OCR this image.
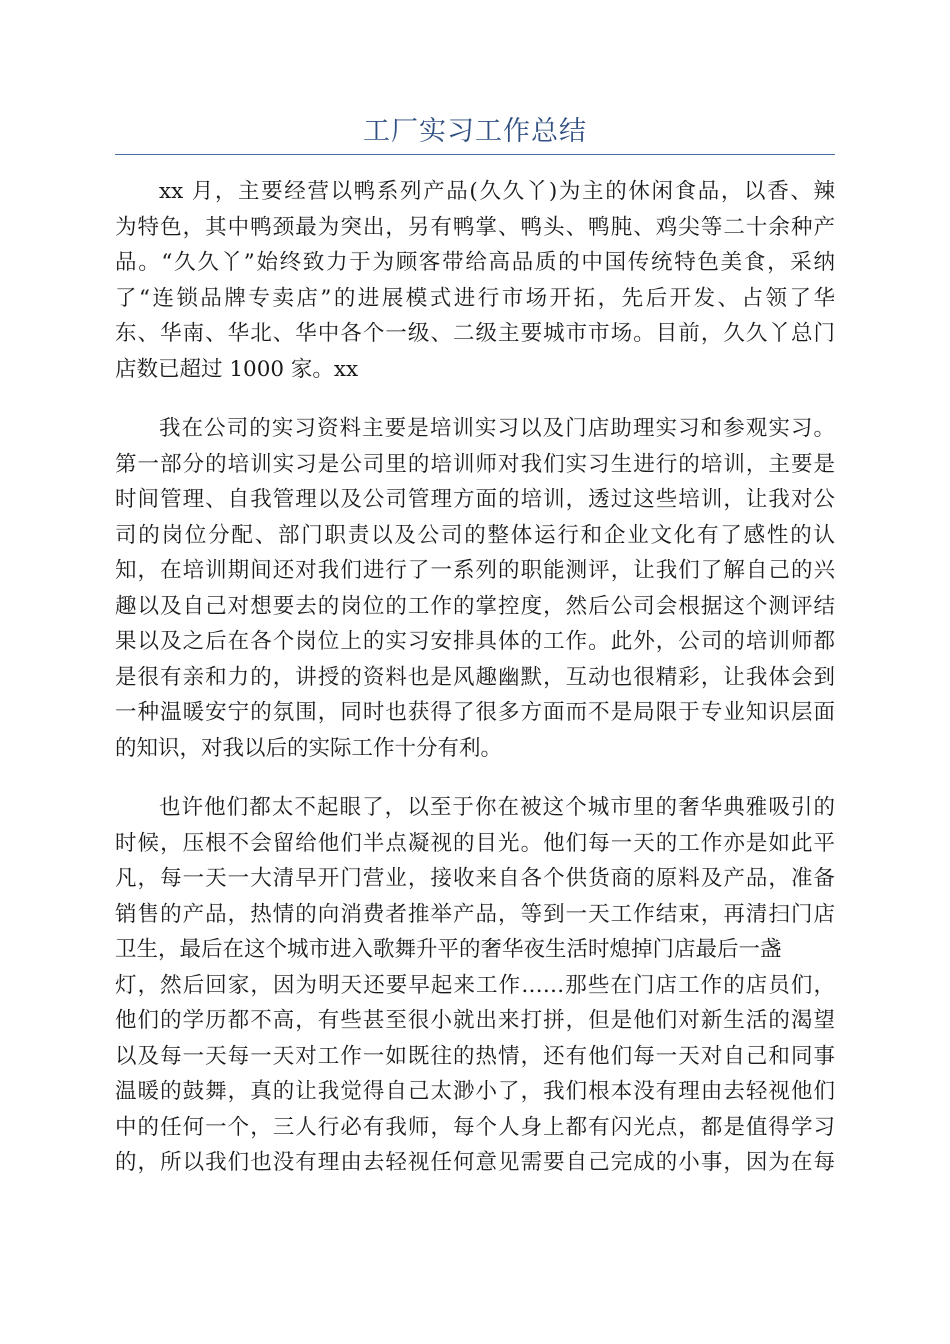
工厂实习工作总结

xx 月，主要经营以鸭系列产品(久久丫)为主的休闲食品，以香、辣
为特色，其中鸭颈最为突出，另有鸭掌、鸭头、鸭肫、鸡尖等二十余种产
品。“久久丫”始终致力于为顾客带给高品质的中国传统特色美食，采纳
了“连锁品牌专卖店”的进展模式进行市场开拓，先后开发、占领了华
东、华南、华北、华中各个一级、二级主要城市市场。目前，久久丫总门
店数已超过 1000 家。xx

我在公司的实习资料主要是培训实习以及门店助理实习和参观实习。
第一部分的培训实习是公司里的培训师对我们实习生进行的培训，主要是
时间管理、自我管理以及公司管理方面的培训，透过这些培训，让我对公
司的岗位分配、部门职责以及公司的整体运行和企业文化有了感性的认
知，在培训期间还对我们进行了一系列的职能测评，让我们了解自己的兴
趣以及自己对想要去的岗位的工作的掌控度，然后公司会根据这个测评结
果以及之后在各个岗位上的实习安排具体的工作。此外，公司的培训师都
是很有亲和力的，讲授的资料也是风趣幽默，互动也很精彩，让我体会到
一种温暖安宁的氛围，同时也获得了很多方面而不是局限于专业知识层面
的知识，对我以后的实际工作十分有利。

也许他们都太不起眼了，以至于你在被这个城市里的奢华典雅吸引的
时候，压根不会留给他们半点凝视的目光。他们每一天的工作亦是如此平
凡，每一天一大清早开门营业，接收来自各个供货商的原料及产品，准备
销售的产品，热情的向消费者推举产品，等到一天工作结束，再清扫门店
卫生，最后在这个城市进入歌舞升平的奢华夜生活时熄掉门店最后一盏
灯，然后回家，因为明天还要早起来工作……那些在门店工作的店员们，
他们的学历都不高，有些甚至很小就出来打拼，但是他们对新生活的渴望
以及每一天每一天对工作一如既往的热情，还有他们每一天对自己和同事
温暖的鼓舞，真的让我觉得自己太渺小了，我们根本没有理由去轻视他们
中的任何一个，三人行必有我师，每个人身上都有闪光点，都是值得学习
的，所以我们也没有理由去轻视任何意见需要自己完成的小事，因为在每
